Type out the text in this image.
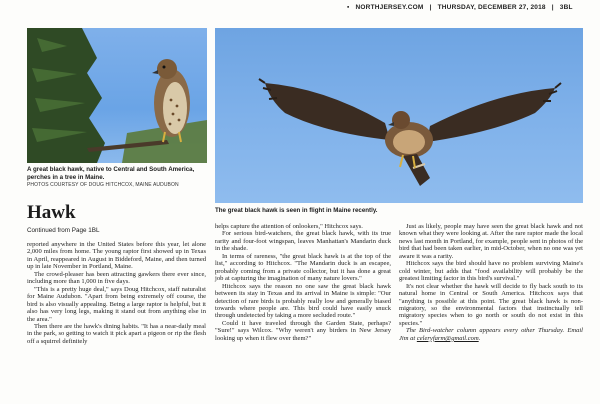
▪ NORTHJERSEY.COM | THURSDAY, DECEMBER 27, 2018 | 3BL
A great black hawk, native to Central and South America, perches in a tree in Maine.
PHOTOS COURTESY OF DOUG HITCHCOX, MAINE AUDUBON
The great black hawk is seen in flight in Maine recently.
Hawk
Continued from Page 1BL

reported anywhere in the United States before this year, let alone 2,000 miles from home. The young raptor first showed up in Texas in April, reappeared in August in Biddeford, Maine, and then turned up in late November in Portland, Maine.

The crowd-pleaser has been attracting gawkers there ever since, including more than 1,000 in five days.

"This is a pretty huge deal," says Doug Hitchcox, staff naturalist for Maine Audubon. "Apart from being extremely off course, the bird is also visually appealing. Being a large raptor is helpful, but it also has very long legs, making it stand out from anything else in the area."

Then there are the hawk's dining habits. "It has a near-daily meal in the park, so getting to watch it pick apart a pigeon or rip the flesh off a squirrel definitely

helps capture the attention of onlookers," Hitchcox says.

For serious bird-watchers, the great black hawk, with its true rarity and four-foot wingspan, leaves Manhattan's Mandarin duck in the shade.

In terms of rareness, "the great black hawk is at the top of the list," according to Hitchcox. "The Mandarin duck is an escapee, probably coming from a private collector, but it has done a great job at capturing the imagination of many nature lovers."

Hitchcox says the reason no one saw the great black hawk between its stay in Texas and its arrival in Maine is simple: "Our detection of rare birds is probably really low and generally biased towards where people are. This bird could have easily snuck through undetected by taking a more secluded route."

Could it have traveled through the Garden State, perhaps? "Sure!" says Wilcox. "Why weren't any birders in New Jersey looking up when it flew over them?"

Just as likely, people may have seen the great black hawk and not known what they were looking at. After the rare raptor made the local news last month in Portland, for example, people sent in photos of the bird that had been taken earlier, in mid-October, when no one was yet aware it was a rarity.

Hitchcox says the bird should have no problem surviving Maine's cold winter, but adds that "food availability will probably be the greatest limiting factor in this bird's survival."

It's not clear whether the hawk will decide to fly back south to its natural home in Central or South America. Hitchcox says that "anything is possible at this point. The great black hawk is non-migratory, so the environmental factors that instinctually tell migratory species when to go north or south do not exist in this species."

The Bird-watcher column appears every other Thursday. Email Jim at celeryfarm@gmail.com.
